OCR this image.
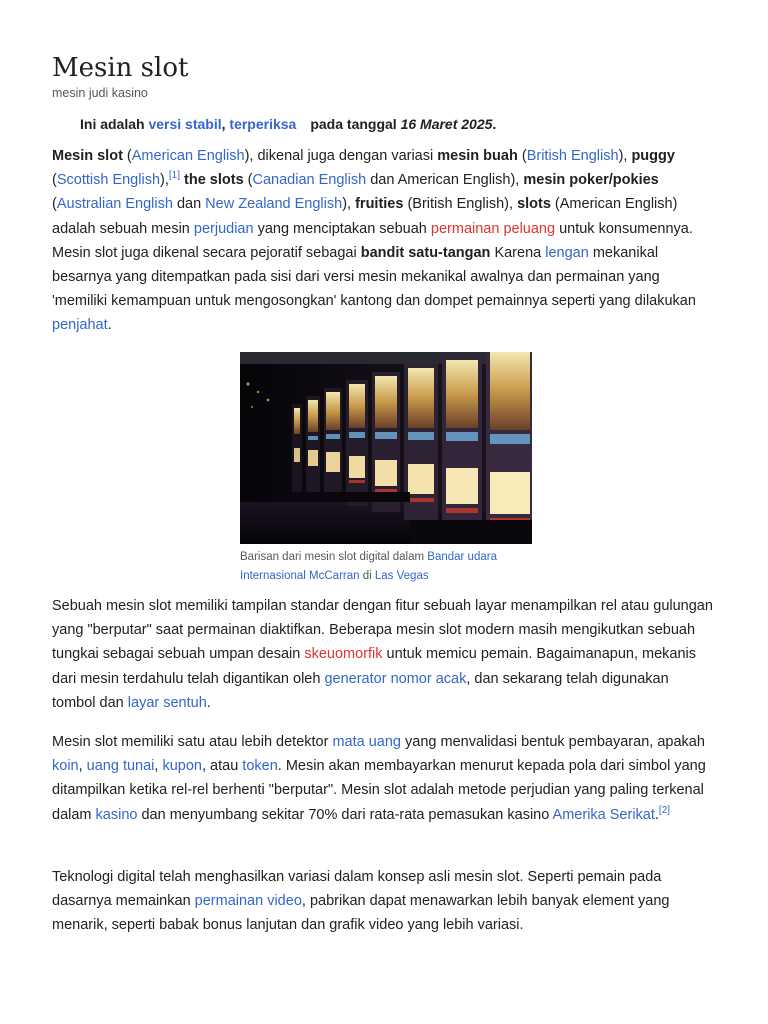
Mesin slot
mesin judi kasino
Ini adalah versi stabil, terperiksa pada tanggal 16 Maret 2025.

Mesin slot (American English), dikenal juga dengan variasi mesin buah (British English), puggy (Scottish English),[1] the slots (Canadian English dan American English), mesin poker/pokies (Australian English dan New Zealand English), fruities (British English), slots (American English) adalah sebuah mesin perjudian yang menciptakan sebuah permainan peluang untuk konsumennya. Mesin slot juga dikenal secara pejoratif sebagai bandit satu-tangan Karena lengan mekanikal besarnya yang ditempatkan pada sisi dari versi mesin mekanikal awalnya dan permainan yang 'memiliki kemampuan untuk mengosongkan' kantong dan dompet pemainnya seperti yang dilakukan penjahat.

Barisan dari mesin slot digital dalam Bandar udara Internasional McCarran di Las Vegas

Sebuah mesin slot memiliki tampilan standar dengan fitur sebuah layar menampilkan rel atau gulungan yang "berputar" saat permainan diaktifkan. Beberapa mesin slot modern masih mengikutkan sebuah tungkai sebagai sebuah umpan desain skeuomorfik untuk memicu pemain. Bagaimanapun, mekanis dari mesin terdahulu telah digantikan oleh generator nomor acak, dan sekarang telah digunakan tombol dan layar sentuh.

Mesin slot memiliki satu atau lebih detektor mata uang yang menvalidasi bentuk pembayaran, apakah koin, uang tunai, kupon, atau token. Mesin akan membayarkan menurut kepada pola dari simbol yang ditampilkan ketika rel-rel berhenti "berputar". Mesin slot adalah metode perjudian yang paling terkenal dalam kasino dan menyumbang sekitar 70% dari rata-rata pemasukan kasino Amerika Serikat.[2]

Teknologi digital telah menghasilkan variasi dalam konsep asli mesin slot. Seperti pemain pada dasarnya memainkan permainan video, pabrikan dapat menawarkan lebih banyak element yang menarik, seperti babak bonus lanjutan dan grafik video yang lebih variasi.
